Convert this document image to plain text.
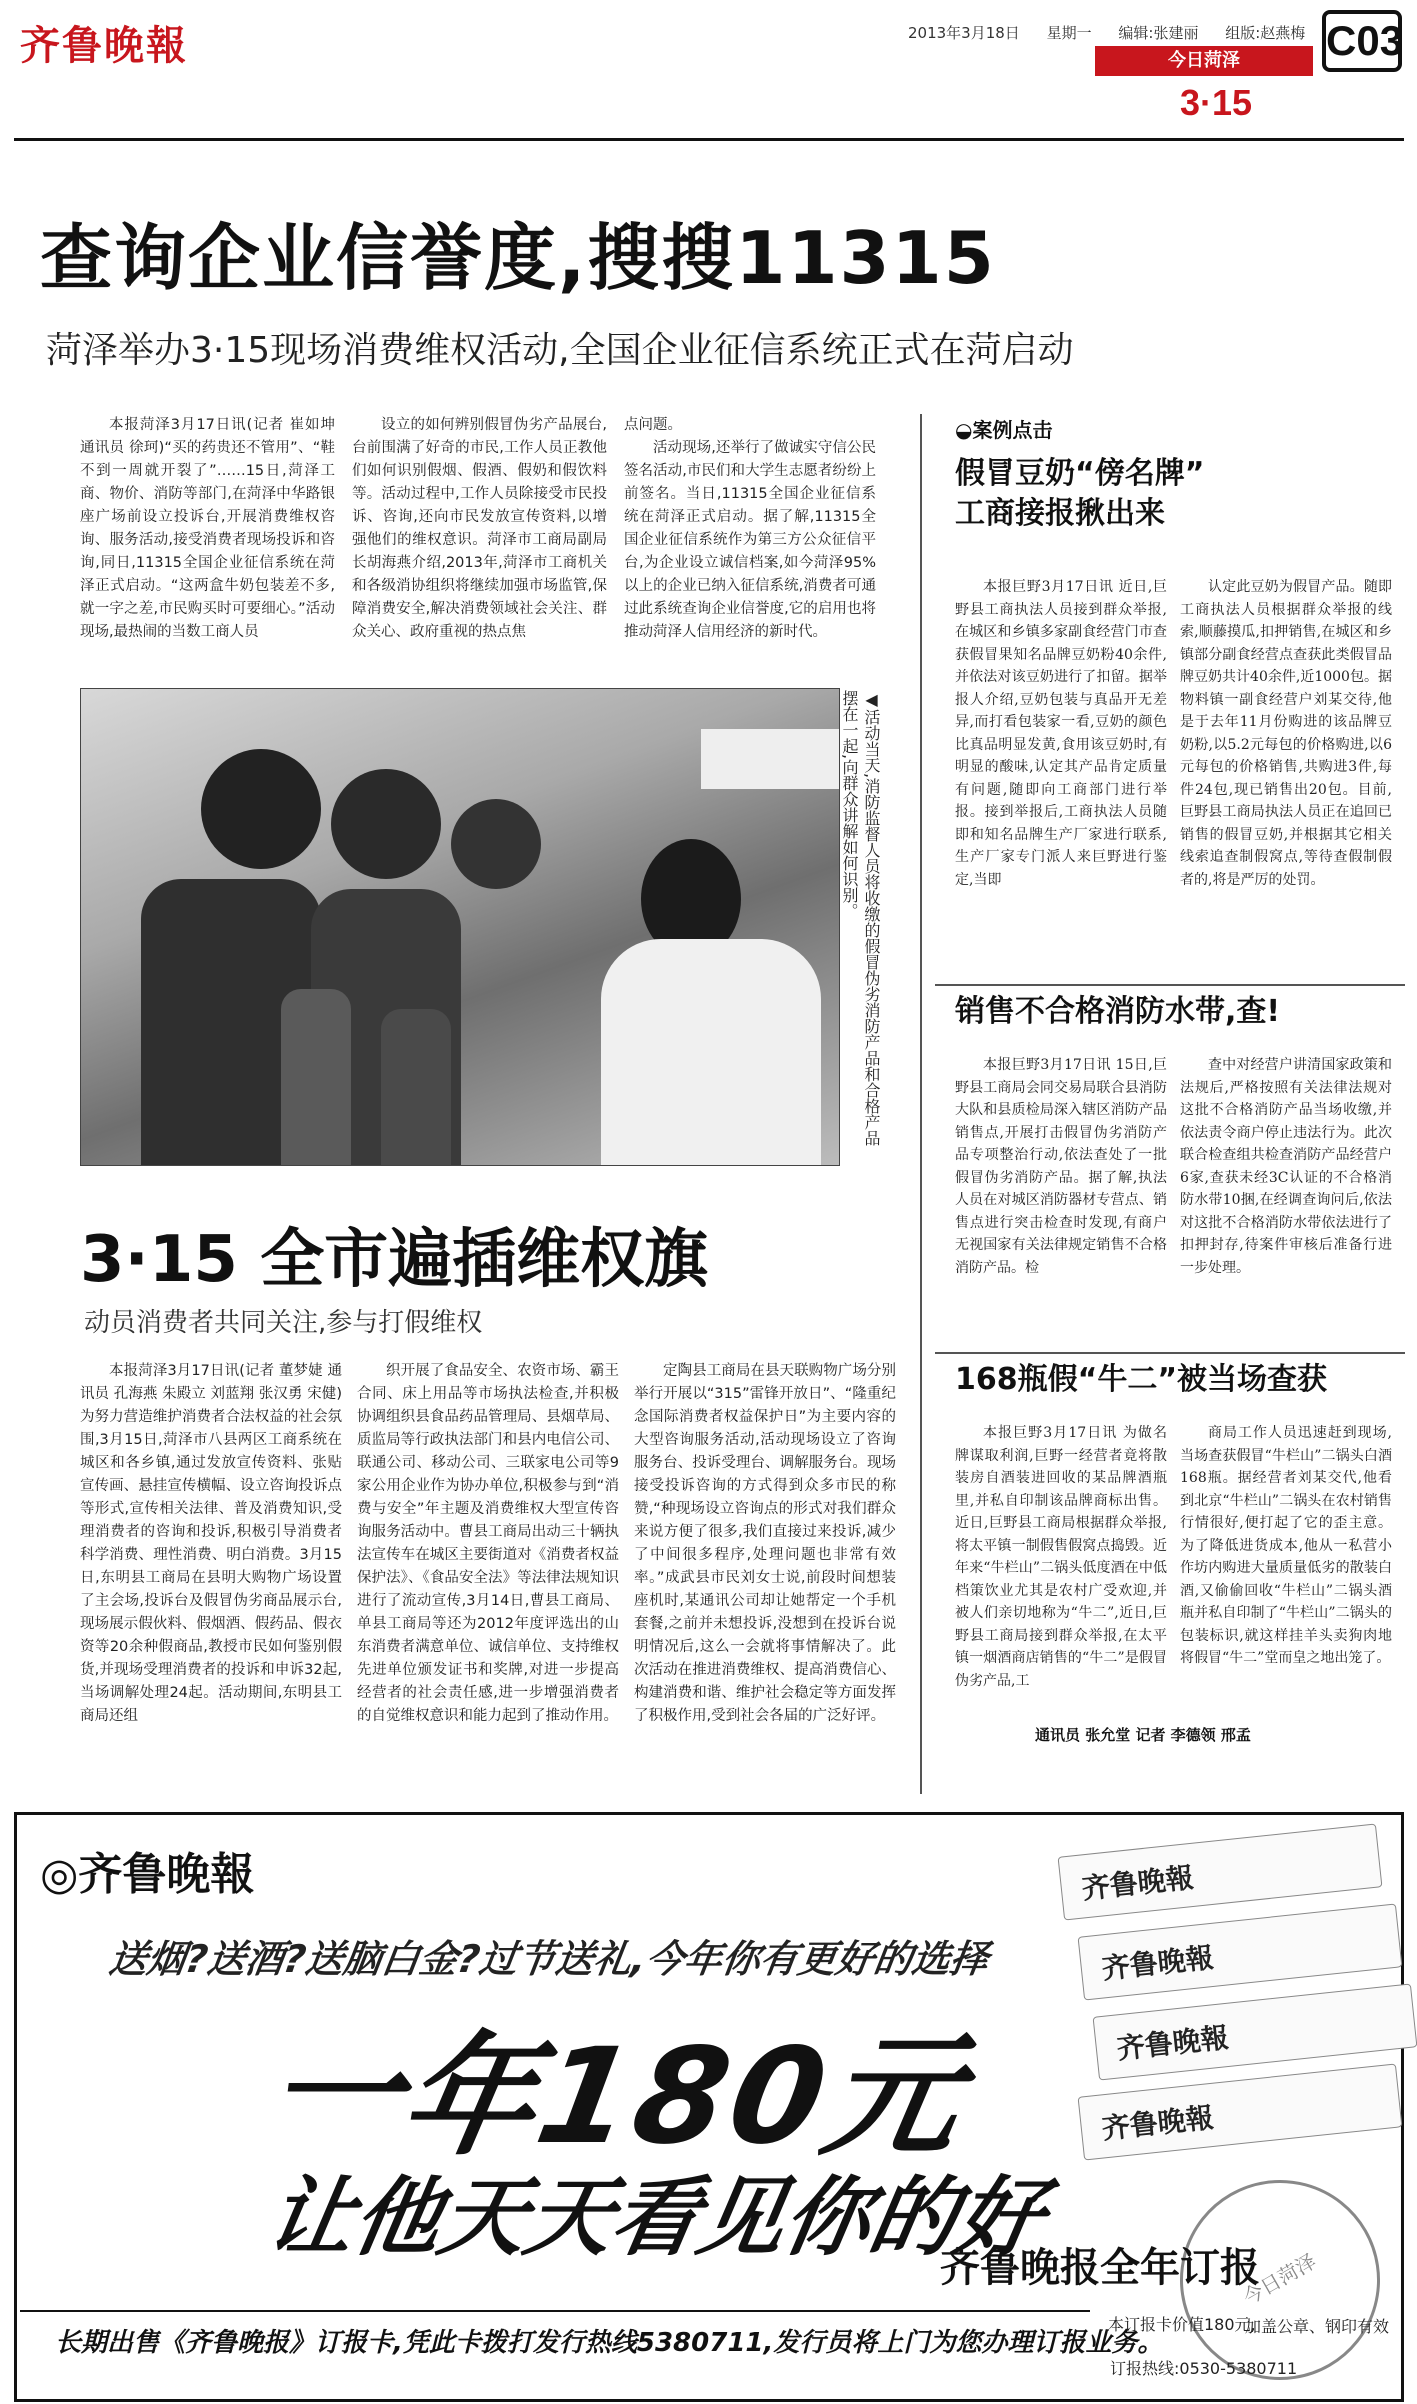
齐鲁晚報	2013年3月18日 星期一 编辑:张建丽 组版:赵燕梅
今日菏泽
3·15
C03
查询企业信誉度,搜搜11315
菏泽举办3·15现场消费维权活动,全国企业征信系统正式在菏启动

本报菏泽3月17日讯(记者 崔如坤 通讯员 徐珂)“买的药贵还不管用”、“鞋不到一周就开裂了”……15日,菏泽工商、物价、消防等部门,在菏泽中华路银座广场前设立投诉台,开展消费维权咨询、服务活动,接受消费者现场投诉和咨询,同日,11315全国企业征信系统在菏泽正式启动。“这两盒牛奶包装差不多,就一字之差,市民购买时可要细心。”活动现场,最热闹的当数工商人员

设立的如何辨别假冒伪劣产品展台,台前围满了好奇的市民,工作人员正教他们如何识别假烟、假酒、假奶和假饮料等。活动过程中,工作人员除接受市民投诉、咨询,还向市民发放宣传资料,以增强他们的维权意识。菏泽市工商局副局长胡海燕介绍,2013年,菏泽市工商机关和各级消协组织将继续加强市场监管,保障消费安全,解决消费领域社会关注、群众关心、政府重视的热点焦

点问题。

活动现场,还举行了做诚实守信公民签名活动,市民们和大学生志愿者纷纷上前签名。当日,11315全国企业征信系统在菏泽正式启动。据了解,11315全国企业征信系统作为第三方公众征信平台,为企业设立诚信档案,如今菏泽95%以上的企业已纳入征信系统,消费者可通过此系统查询企业信誉度,它的启用也将推动菏泽人信用经济的新时代。

◀活动当天,消防监督人员将收缴的假冒伪劣消防产品和合格产品摆在一起,向群众讲解如何识别。
3·15 全市遍插维权旗
动员消费者共同关注,参与打假维权

本报菏泽3月17日讯(记者 董梦婕 通讯员 孔海燕 朱殿立 刘蓝翔 张汉勇 宋健)为努力营造维护消费者合法权益的社会氛围,3月15日,菏泽市八县两区工商系统在城区和各乡镇,通过发放宣传资料、张贴宣传画、悬挂宣传横幅、设立咨询投诉点等形式,宣传相关法律、普及消费知识,受理消费者的咨询和投诉,积极引导消费者科学消费、理性消费、明白消费。3月15日,东明县工商局在县明大购物广场设置了主会场,投诉台及假冒伪劣商品展示台,现场展示假伙料、假烟酒、假药品、假衣资等20余种假商品,教授市民如何鉴别假货,并现场受理消费者的投诉和申诉32起,当场调解处理24起。活动期间,东明县工商局还组

织开展了食品安全、农资市场、霸王合同、床上用品等市场执法检查,并积极协调组织县食品药品管理局、县烟草局、质监局等行政执法部门和县内电信公司、联通公司、移动公司、三联家电公司等9家公用企业作为协办单位,积极参与到“消费与安全”年主题及消费维权大型宣传咨询服务活动中。曹县工商局出动三十辆执法宣传车在城区主要街道对《消费者权益保护法》、《食品安全法》等法律法规知识进行了流动宣传,3月14日,曹县工商局、单县工商局等还为2012年度评选出的山东消费者满意单位、诚信单位、支持维权先进单位颁发证书和奖牌,对进一步提高经营者的社会责任感,进一步增强消费者的自觉维权意识和能力起到了推动作用。

定陶县工商局在县天联购物广场分别举行开展以“315”雷锋开放日”、“隆重纪念国际消费者权益保护日”为主要内容的大型咨询服务活动,活动现场设立了咨询服务台、投诉受理台、调解服务台。现场接受投诉咨询的方式得到众多市民的称赞,“种现场设立咨询点的形式对我们群众来说方便了很多,我们直接过来投诉,减少了中间很多程序,处理问题也非常有效率。”成武县市民刘女士说,前段时间想装座机时,某通讯公司却让她帮定一个手机套餐,之前并未想投诉,没想到在投诉台说明情况后,这么一会就将事情解决了。此次活动在推进消费维权、提高消费信心、构建消费和谐、维护社会稳定等方面发挥了积极作用,受到社会各届的广泛好评。

◒案例点击
假冒豆奶“傍名牌”
工商接报揪出来

本报巨野3月17日讯 近日,巨野县工商执法人员接到群众举报,在城区和乡镇多家副食经营门市查获假冒果知名品牌豆奶粉40余件,并依法对该豆奶进行了扣留。据举报人介绍,豆奶包装与真品开无差异,而打看包装家一看,豆奶的颜色比真品明显发黄,食用该豆奶时,有明显的酸味,认定其产品肯定质量有问题,随即向工商部门进行举报。接到举报后,工商执法人员随即和知名品牌生产厂家进行联系,生产厂家专门派人来巨野进行鉴定,当即

认定此豆奶为假冒产品。随即工商执法人员根据群众举报的线索,顺藤摸瓜,扣押销售,在城区和乡镇部分副食经营点查获此类假冒品牌豆奶共计40余件,近1000包。据物料镇一副食经营户刘某交待,他是于去年11月份购进的该品牌豆奶粉,以5.2元每包的价格购进,以6元每包的价格销售,共购进3件,每件24包,现已销售出20包。目前,巨野县工商局执法人员正在追回已销售的假冒豆奶,并根据其它相关线索追查制假窝点,等待查假制假者的,将是严厉的处罚。

销售不合格消防水带,查!

本报巨野3月17日讯 15日,巨野县工商局会同交易局联合县消防大队和县质检局深入辖区消防产品销售点,开展打击假冒伪劣消防产品专项整治行动,依法查处了一批假冒伪劣消防产品。据了解,执法人员在对城区消防器材专营点、销售点进行突击检查时发现,有商户无视国家有关法律规定销售不合格消防产品。检

查中对经营户讲清国家政策和法规后,严格按照有关法律法规对这批不合格消防产品当场收缴,并依法责令商户停止违法行为。此次联合检查组共检查消防产品经营户6家,查获未经3C认证的不合格消防水带10捆,在经调查询问后,依法对这批不合格消防水带依法进行了扣押封存,待案件审核后准备行进一步处理。

168瓶假“牛二”被当场查获

本报巨野3月17日讯 为做名牌谋取利润,巨野一经营者竟将散装房自酒装进回收的某品牌酒瓶里,并私自印制该品牌商标出售。近日,巨野县工商局根据群众举报,将太平镇一制假售假窝点捣毁。近年来“牛栏山”二锅头低度酒在中低档策饮业尤其是农村广受欢迎,并被人们亲切地称为“牛二”,近日,巨野县工商局接到群众举报,在太平镇一烟酒商店销售的“牛二”是假冒伪劣产品,工

商局工作人员迅速赶到现场,当场查获假冒“牛栏山”二锅头白酒168瓶。据经营者刘某交代,他看到北京“牛栏山”二锅头在农村销售行情很好,便打起了它的歪主意。为了降低进货成本,他从一私营小作坊内购进大量质量低劣的散装白酒,又偷偷回收“牛栏山”二锅头酒瓶并私自印制了“牛栏山”二锅头的包装标识,就这样挂羊头卖狗肉地将假冒“牛二”堂而皇之地出笼了。

通讯员 张允堂 记者 李德领 邢孟
◎齐鲁晚報	齐鲁晚報
齐鲁晚報
齐鲁晚報
齐鲁晚報
今日菏泽
送烟?送酒?送脑白金?过节送礼,今年你有更好的选择
一年180元
让他天天看见你的好
齐鲁晚报全年订报
长期出售《齐鲁晚报》订报卡,凭此卡拨打发行热线5380711,发行员将上门为您办理订报业务。
本订报卡价值180元,
加盖公章、钢印有效
订报热线:0530-5380711
